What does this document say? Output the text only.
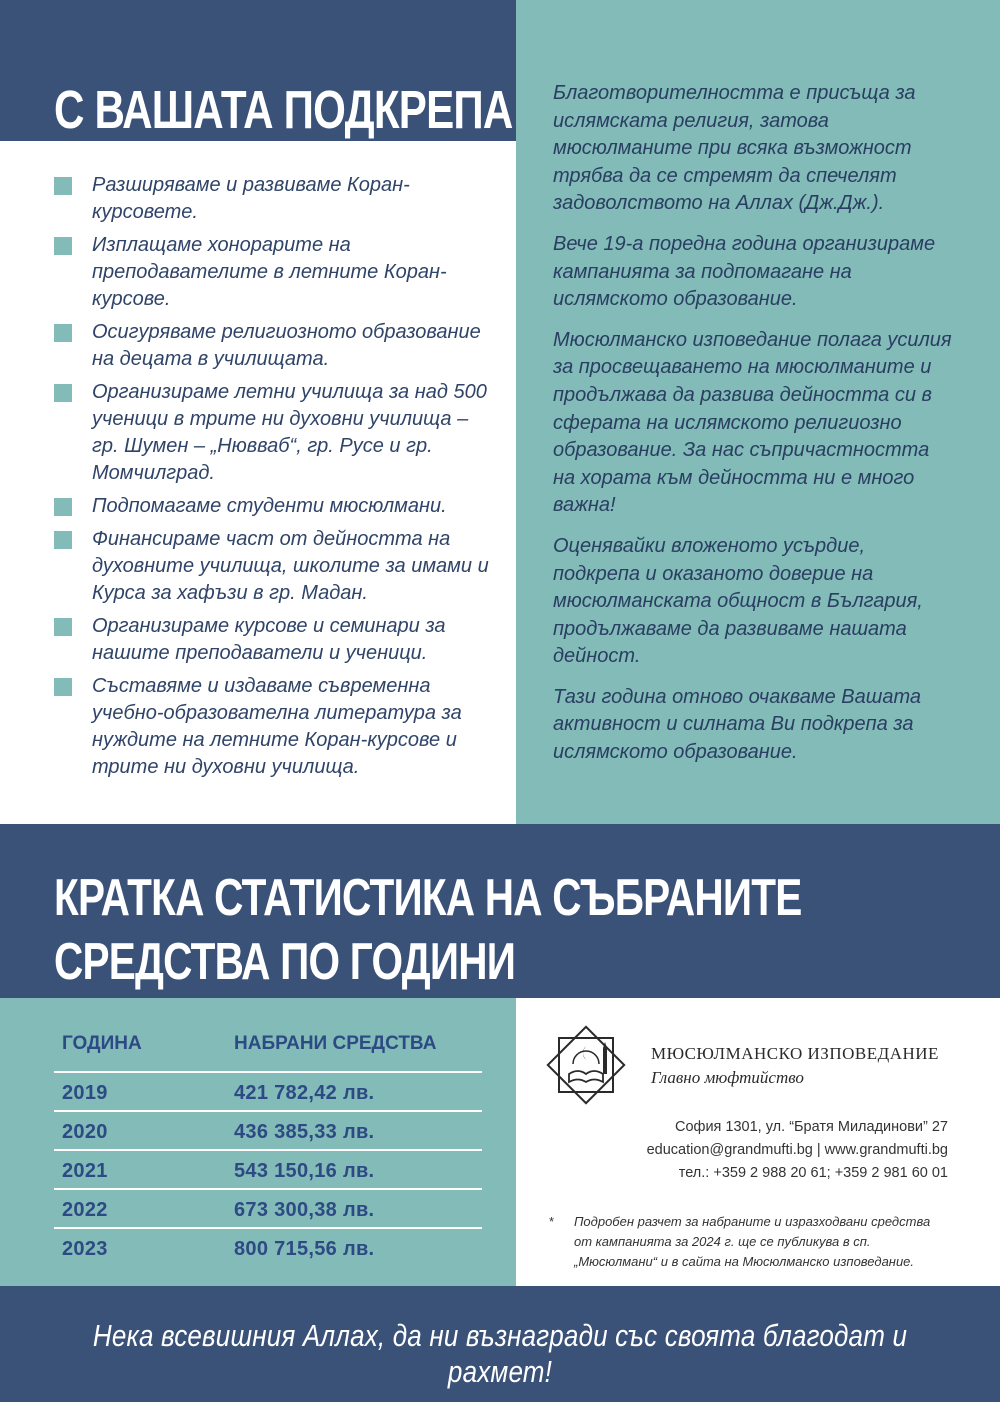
С ВАШАТА ПОДКРЕПА
Разширяваме и развиваме Коран-курсовете.
Изплащаме хонорарите на преподавателите в летните Коран-курсове.
Осигуряваме религиозното образование на децата в училищата.
Организираме летни училища за над 500 ученици в трите ни духовни училища – гр. Шумен – „Нювваб“, гр. Русе и гр. Момчилград.
Подпомагаме студенти мюсюлмани.
Финансираме част от дейността на духовните училища, школите за имами и Курса за хафъзи в гр. Мадан.
Организираме курсове и семинари за нашите преподаватели и ученици.
Съставяме и издаваме съвременна учебно-образователна литература за нуждите на летните Коран-курсове и трите ни духовни училища.

Благотворителността е присъща за ислямската религия, затова мюсюлманите при всяка възможност трябва да се стремят да спечелят задоволството на Аллах (Дж.Дж.).

Вече 19-а поредна година организираме кампанията за подпомагане на ислямското образование.

Мюсюлманско изповедание полага усилия за просвещаването на мюсюлманите и продължава да развива дейността си в сферата на ислямското религиозно образование. За нас съпричастността на хората към дейността ни е много важна!

Оценявайки вложеното усърдие, подкрепа и оказаното доверие на мюсюлманската общност в България, продължаваме да развиваме нашата дейност.

Тази година отново очакваме Вашата активност и силната Ви подкрепа за ислямското образование.

КРАТКА СТАТИСТИКА НА СЪБРАНИТЕ
СРЕДСТВА ПО ГОДИНИ
ГОДИНА	НАБРАНИ СРЕДСТВА
2019	421 782,42 лв.
2020	436 385,33 лв.
2021	543 150,16 лв.
2022	673 300,38 лв.
2023	800 715,56 лв.
МЮСЮЛМАНСКО ИЗПОВЕДАНИЕ
Главно мюфтийство
София 1301, ул. “Братя Миладинови” 27
education@grandmufti.bg | www.grandmufti.bg
тел.: +359 2 988 20 61; +359 2 981 60 01
* Подробен разчет за набраните и изразходвани средства от кампанията за 2024 г. ще се публикува в сп. „Мюсюлмани“ и в сайта на Мюсюлманско изповедание.
Нека всевишния Аллах, да ни възнагради със своята благодат и рахмет!
